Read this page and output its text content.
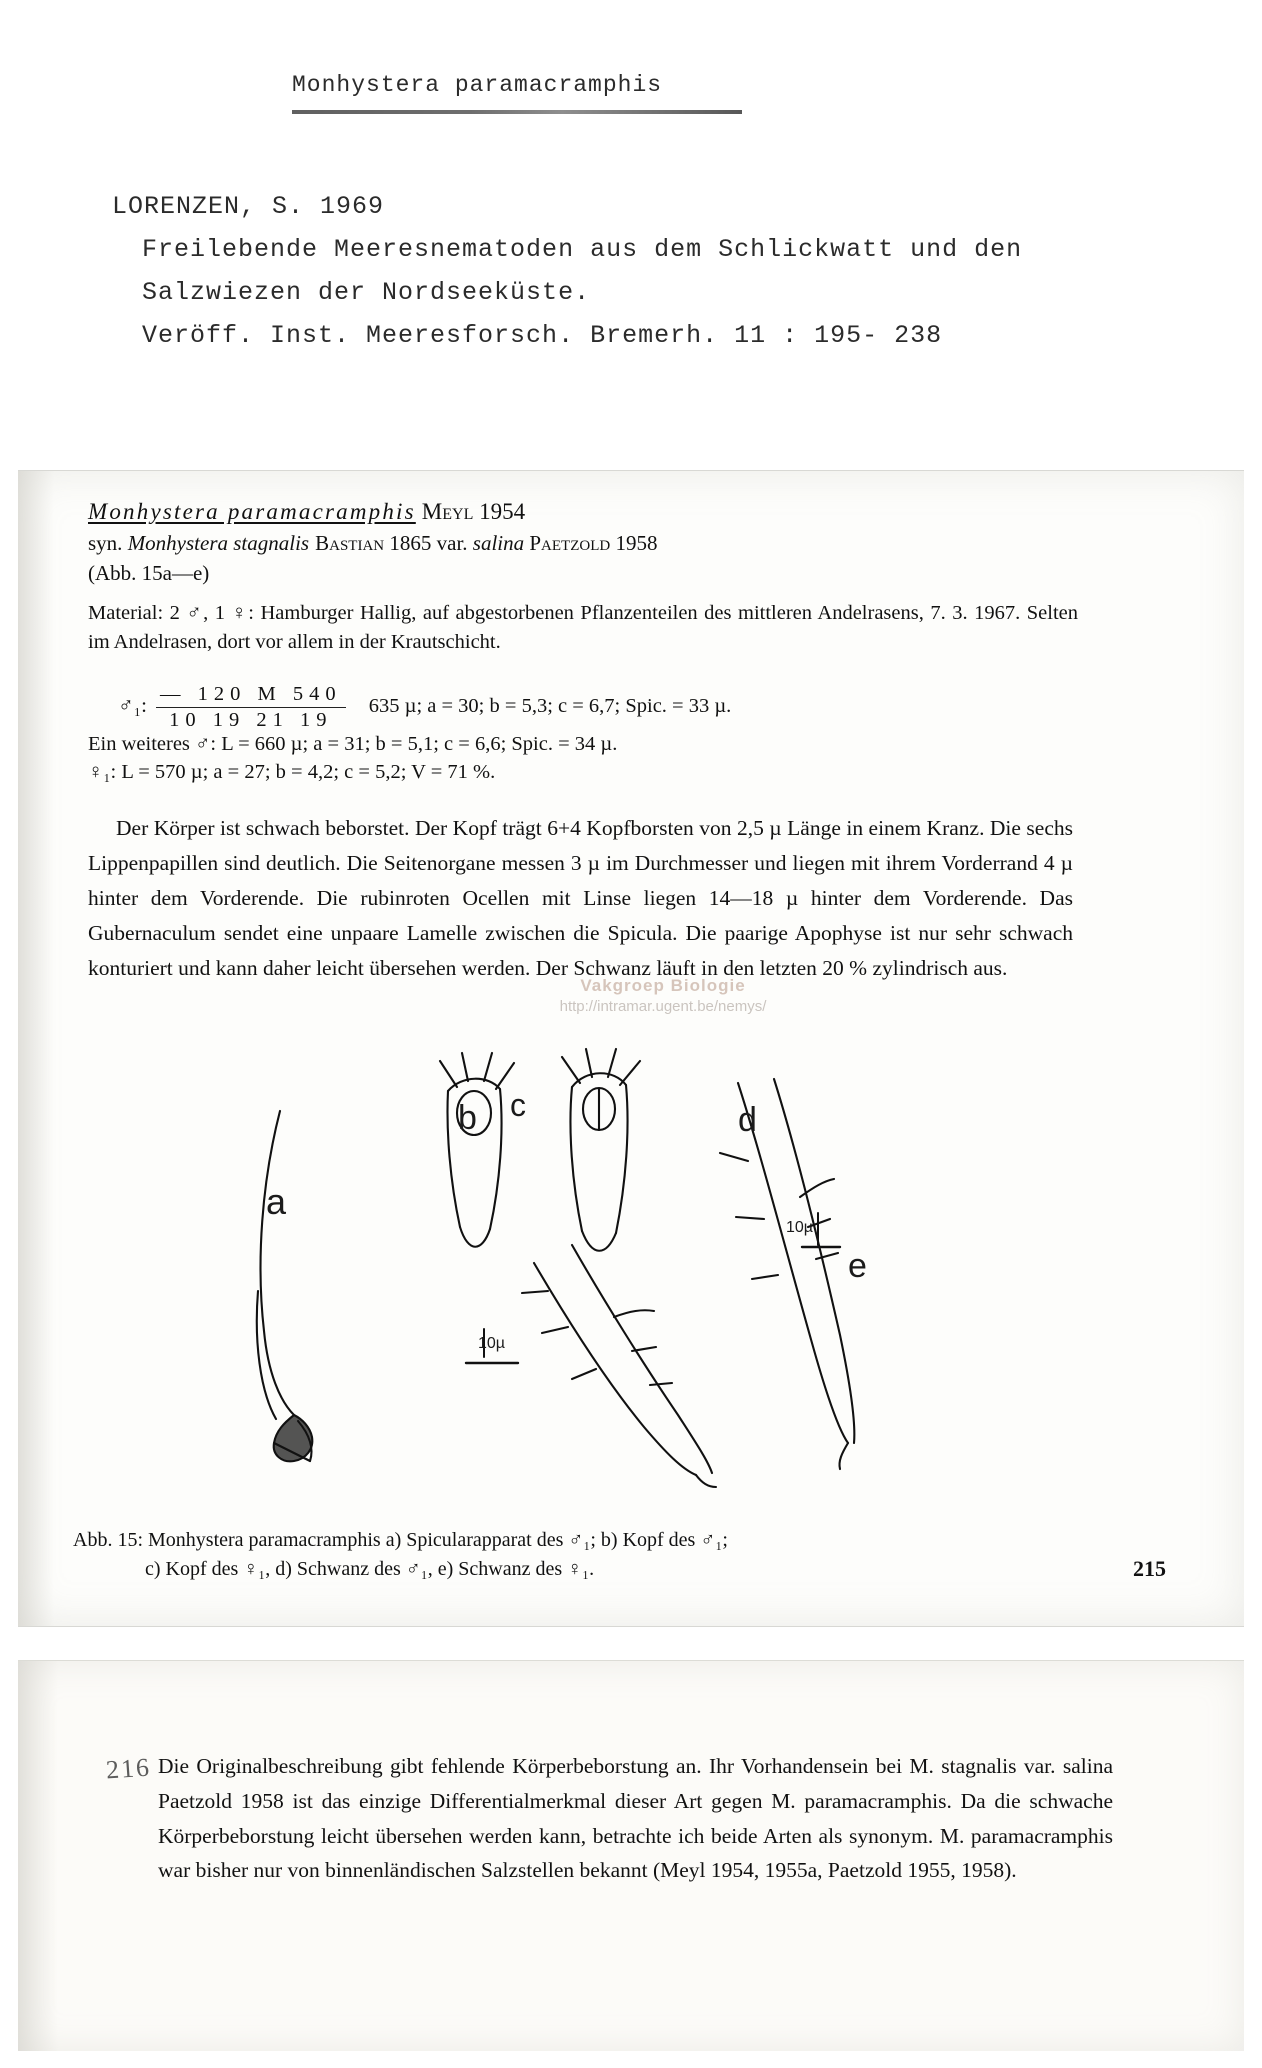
Monhystera paramacramphis
LORENZEN, S. 1969
Freilebende Meeresnematoden aus dem Schlickwatt und den
Salzwiezen der Nordseeküste.
Veröff. Inst. Meeresforsch. Bremerh. 11 : 195- 238
Monhystera paramacramphis Meyl 1954
syn. Monhystera stagnalis Bastian 1865 var. salina Paetzold 1958
(Abb. 15a—e)
Material: 2 ♂, 1 ♀: Hamburger Hallig, auf abgestorbenen Pflanzenteilen des mittleren Andelrasens, 7. 3. 1967. Selten im Andelrasen, dort vor allem in der Krautschicht.
♂₁: $\frac{— 120 M 540}{10 19 21 19} 635$ µ; a = 30; b = 5,3; c = 6,7; Spic. = 33 µ.
Ein weiteres ♂: L = 660 µ; a = 31; b = 5,1; c = 6,6; Spic. = 34 µ.
♀₁: L = 570 µ; a = 27; b = 4,2; c = 5,2; V = 71 %.
Der Körper ist schwach beborstet. Der Kopf trägt 6+4 Kopfborsten von 2,5 µ Länge in einem Kranz. Die sechs Lippenpapillen sind deutlich. Die Seitenorgane messen 3 µ im Durchmesser und liegen mit ihrem Vorderrand 4 µ hinter dem Vorderende. Die rubinroten Ocellen mit Linse liegen 14—18 µ hinter dem Vorderende. Das Gubernaculum sendet eine unpaare Lamelle zwischen die Spicula. Die paarige Apophyse ist nur sehr schwach konturiert und kann daher leicht übersehen werden. Der Schwanz läuft in den letzten 20 % zylindrisch aus.
Vakgroep Biologie
http://intramar.ugent.be/nemys/
a
b c	d
e
10µ
10µ
Abb. 15: Monhystera paramacramphis a) Spicularapparat des ♂₁; b) Kopf des ♂₁;
c) Kopf des ♀₁, d) Schwanz des ♂₁, e) Schwanz des ♀₁.	215
216 Die Originalbeschreibung gibt fehlende Körperbeborstung an. Ihr Vorhandensein bei M. stagnalis var. salina Paetzold 1958 ist das einzige Differentialmerkmal dieser Art gegen M. paramacramphis. Da die schwache Körperbeborstung leicht übersehen werden kann, betrachte ich beide Arten als synonym. M. paramacramphis war bisher nur von binnenländischen Salzstellen bekannt (Meyl 1954, 1955a, Paetzold 1955, 1958).
